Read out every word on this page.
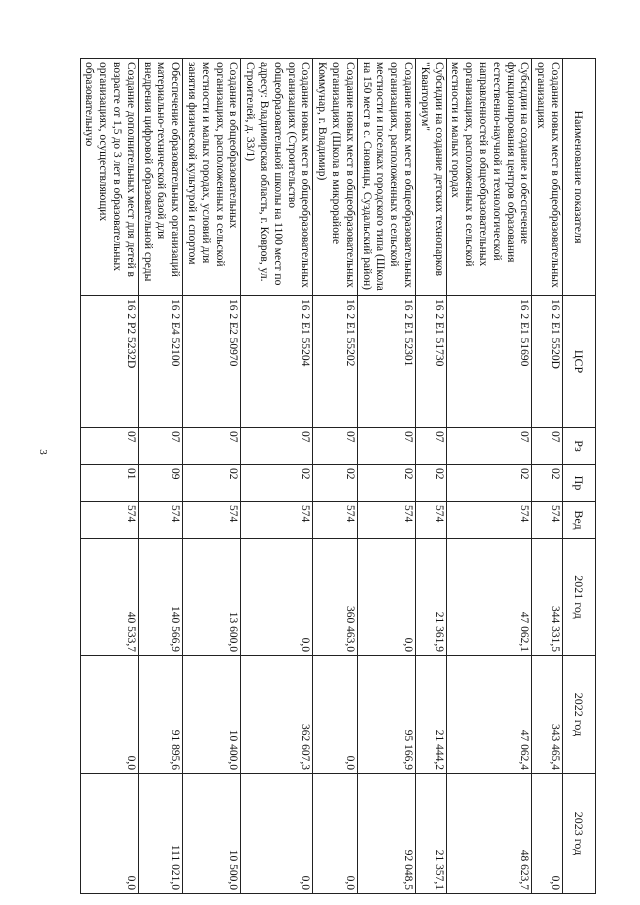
3
Наименование показателя	ЦСР	Рз	Пр	Вед	2021 год	2022 год	2023 год
Создание новых мест в общеобразовательных организациях	16 2 E1 5520D	07	02	574	344 331,5	343 465,4	0,0
Субсидии на создание и обеспечение функционирования центров образования естественно-научной и технологической направленностей в общеобразовательных организациях, расположенных в сельской местности и малых городах	16 2 E1 51690	07	02	574	47 062,1	47 062,4	48 623,7
Субсидии на создание детских технопарков "Кванториум"	16 2 E1 51730	07	02	574	21 361,9	21 444,2	21 357,1
Создание новых мест в общеобразовательных организациях, расположенных в сельской местности и поселках городского типа (Школа на 150 мест в с. Сновицы, Суздальский район)	16 2 E1 52301	07	02	574	0,0	95 166,9	92 048,5
Создание новых мест в общеобразовательных организациях (Школа в микрорайоне Коммунар, г. Владимир)	16 2 E1 55202	07	02	574	360 463,0	0,0	0,0
Создание новых мест в общеобразовательных организациях (Строительство общеобразовательной школы на 1100 мест по адресу: Владимирская область, г. Ковров, ул. Строителей, д. 33/1)	16 2 E1 55204	07	02	574	0,0	362 607,3	0,0
Создание в общеобразовательных организациях, расположенных в сельской местности и малых городах, условий для занятия физической культурой и спортом	16 2 E2 50970	07	02	574	13 600,0	10 400,0	10 500,0
Обеспечение образовательных организаций материально-технической базой для внедрения цифровой образовательной среды	16 2 E4 52100	07	09	574	140 566,9	91 895,6	111 021,0
Создание дополнительных мест для детей в возрасте от 1,5 до 3 лет в образовательных организациях, осуществляющих образовательную	16 2 P2 5232D	07	01	574	40 533,7	0,0	0,0
